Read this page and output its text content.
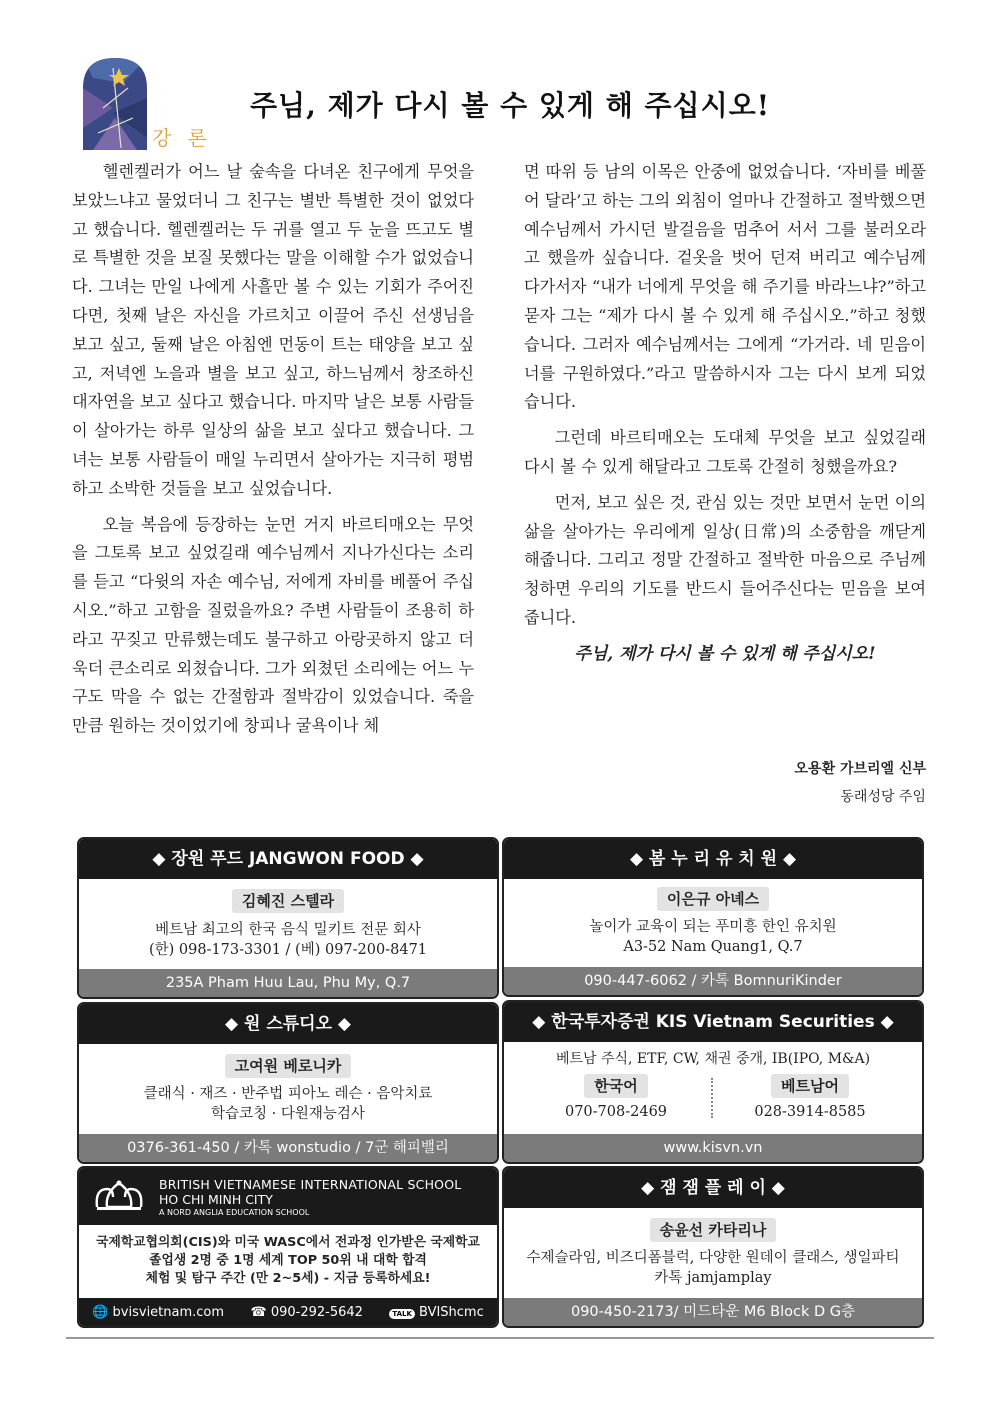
강 론
주님, 제가 다시 볼 수 있게 해 주십시오!

헬렌켈러가 어느 날 숲속을 다녀온 친구에게 무엇을 보았느냐고 물었더니 그 친구는 별반 특별한 것이 없었다고 했습니다. 헬렌켈러는 두 귀를 열고 두 눈을 뜨고도 별로 특별한 것을 보질 못했다는 말을 이해할 수가 없었습니다. 그녀는 만일 나에게 사흘만 볼 수 있는 기회가 주어진다면, 첫째 날은 자신을 가르치고 이끌어 주신 선생님을 보고 싶고, 둘째 날은 아침엔 먼동이 트는 태양을 보고 싶고, 저녁엔 노을과 별을 보고 싶고, 하느님께서 창조하신 대자연을 보고 싶다고 했습니다. 마지막 날은 보통 사람들이 살아가는 하루 일상의 삶을 보고 싶다고 했습니다. 그녀는 보통 사람들이 매일 누리면서 살아가는 지극히 평범하고 소박한 것들을 보고 싶었습니다.

오늘 복음에 등장하는 눈먼 거지 바르티매오는 무엇을 그토록 보고 싶었길래 예수님께서 지나가신다는 소리를 듣고 “다윗의 자손 예수님, 저에게 자비를 베풀어 주십시오.”하고 고함을 질렀을까요? 주변 사람들이 조용히 하라고 꾸짖고 만류했는데도 불구하고 아랑곳하지 않고 더욱더 큰소리로 외쳤습니다. 그가 외쳤던 소리에는 어느 누구도 막을 수 없는 간절함과 절박감이 있었습니다. 죽을 만큼 원하는 것이었기에 창피나 굴욕이나 체

면 따위 등 남의 이목은 안중에 없었습니다. ‘자비를 베풀어 달라’고 하는 그의 외침이 얼마나 간절하고 절박했으면 예수님께서 가시던 발걸음을 멈추어 서서 그를 불러오라고 했을까 싶습니다. 겉옷을 벗어 던져 버리고 예수님께 다가서자 “내가 너에게 무엇을 해 주기를 바라느냐?”하고 묻자 그는 “제가 다시 볼 수 있게 해 주십시오.”하고 청했습니다. 그러자 예수님께서는 그에게 “가거라. 네 믿음이 너를 구원하였다.”라고 말씀하시자 그는 다시 보게 되었습니다.

그런데 바르티매오는 도대체 무엇을 보고 싶었길래 다시 볼 수 있게 해달라고 그토록 간절히 청했을까요?

먼저, 보고 싶은 것, 관심 있는 것만 보면서 눈먼 이의 삶을 살아가는 우리에게 일상(日常)의 소중함을 깨닫게 해줍니다. 그리고 정말 간절하고 절박한 마음으로 주님께 청하면 우리의 기도를 반드시 들어주신다는 믿음을 보여줍니다.

주님, 제가 다시 볼 수 있게 해 주십시오!

오용환 가브리엘 신부
동래성당 주임
◆ 장원 푸드 JANGWON FOOD ◆
김혜진 스텔라
베트남 최고의 한국 음식 밀키트 전문 회사
(한) 098-173-3301 / (베) 097-200-8471
235A Pham Huu Lau, Phu My, Q.7
◆ 봄 누 리 유 치 원 ◆
이은규 아녜스
놀이가 교육이 되는 푸미흥 한인 유치원
A3-52 Nam Quang1, Q.7
090-447-6062 / 카톡 BomnuriKinder
◆ 원 스튜디오 ◆
고여원 베로니카
클래식 · 재즈 · 반주법 피아노 레슨 · 음악치료
학습코칭 · 다원재능검사
0376-361-450 / 카톡 wonstudio / 7군 해피밸리
◆ 한국투자증권 KIS Vietnam Securities ◆
베트남 주식, ETF, CW, 채권 중개, IB(IPO, M&A)
한국어
070-708-2469
베트남어
028-3914-8585
www.kisvn.vn
BRITISH VIETNAMESE INTERNATIONAL SCHOOL
HO CHI MINH CITY
A NORD ANGLIA EDUCATION SCHOOL
국제학교협의회(CIS)와 미국 WASC에서 전과정 인가받은 국제학교
졸업생 2명 중 1명 세계 TOP 50위 내 대학 합격
체험 및 탐구 주간 (만 2~5세) - 지금 등록하세요!
🌐 bvisvietnam.com ☎ 090-292-5642	TALK BVIShcmc
◆ 잼 잼 플 레 이 ◆
송윤선 카타리나
수제슬라임, 비즈디폼블럭, 다양한 원데이 클래스, 생일파티
카톡 jamjamplay
090-450-2173/ 미드타운 M6 Block D G층
